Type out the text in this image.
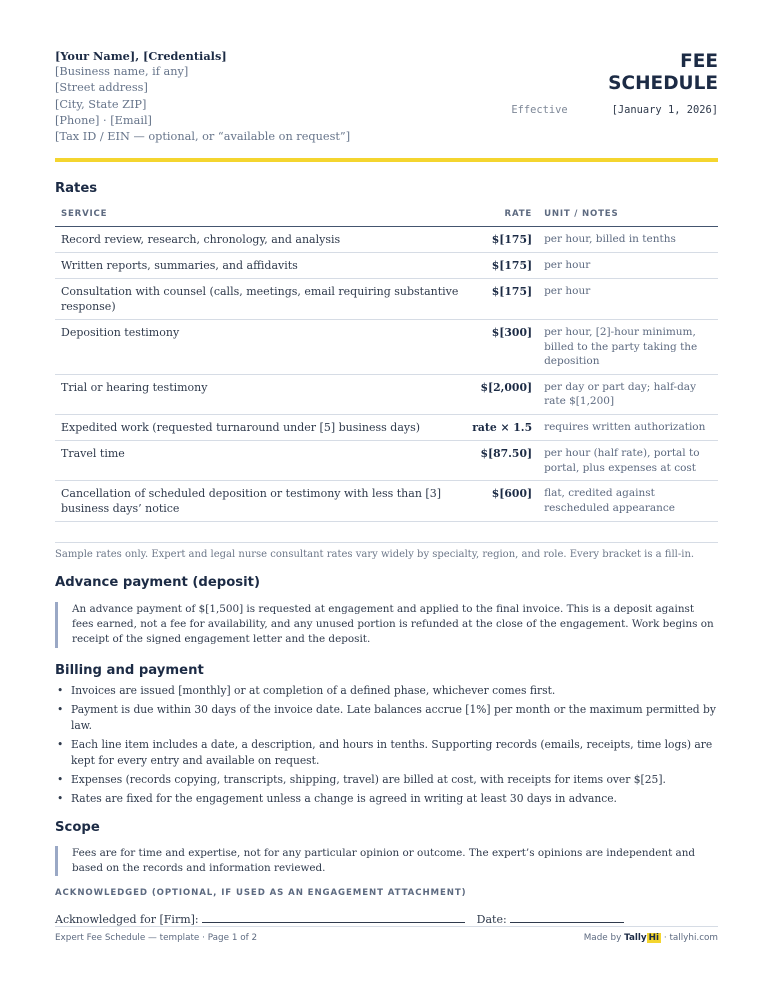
[Your Name], [Credentials]
[Business name, if any]
[Street address]
[City, State ZIP]
[Phone] · [Email]
[Tax ID / EIN — optional, or “available on request”]
FEE
SCHEDULE
Effective	[January 1, 2026]
Rates
SERVICE	RATE	UNIT / NOTES
Record review, research, chronology, and analysis	$[175]	per hour, billed in tenths
Written reports, summaries, and affidavits	$[175]	per hour
Consultation with counsel (calls, meetings, email requiring substantive response)	$[175]	per hour
Deposition testimony	$[300]	per hour, [2]-hour minimum, billed to the party taking the deposition
Trial or hearing testimony	$[2,000]	per day or part day; half-day rate $[1,200]
Expedited work (requested turnaround under [5] business days)	rate × 1.5	requires written authorization
Travel time	$[87.50]	per hour (half rate), portal to portal, plus expenses at cost
Cancellation of scheduled deposition or testimony with less than [3] business days’ notice	$[600]	flat, credited against rescheduled appearance
Sample rates only. Expert and legal nurse consultant rates vary widely by specialty, region, and role. Every bracket is a fill-in.
Advance payment (deposit)
An advance payment of $[1,500] is requested at engagement and applied to the final invoice. This is a deposit against fees earned, not a fee for availability, and any unused portion is refunded at the close of the engagement. Work begins on receipt of the signed engagement letter and the deposit.
Billing and payment
• Invoices are issued [monthly] or at completion of a defined phase, whichever comes first.
• Payment is due within 30 days of the invoice date. Late balances accrue [1%] per month or the maximum permitted by law.
• Each line item includes a date, a description, and hours in tenths. Supporting records (emails, receipts, time logs) are kept for every entry and available on request.
• Expenses (records copying, transcripts, shipping, travel) are billed at cost, with receipts for items over $[25].
• Rates are fixed for the engagement unless a change is agreed in writing at least 30 days in advance.
Scope
Fees are for time and expertise, not for any particular opinion or outcome. The expert’s opinions are independent and based on the records and information reviewed.
ACKNOWLEDGED (OPTIONAL, IF USED AS AN ENGAGEMENT ATTACHMENT)
Acknowledged for [Firm]:	Date:
Expert Fee Schedule — template · Page 1 of 2	Made by Tally Hi · tallyhi.com
